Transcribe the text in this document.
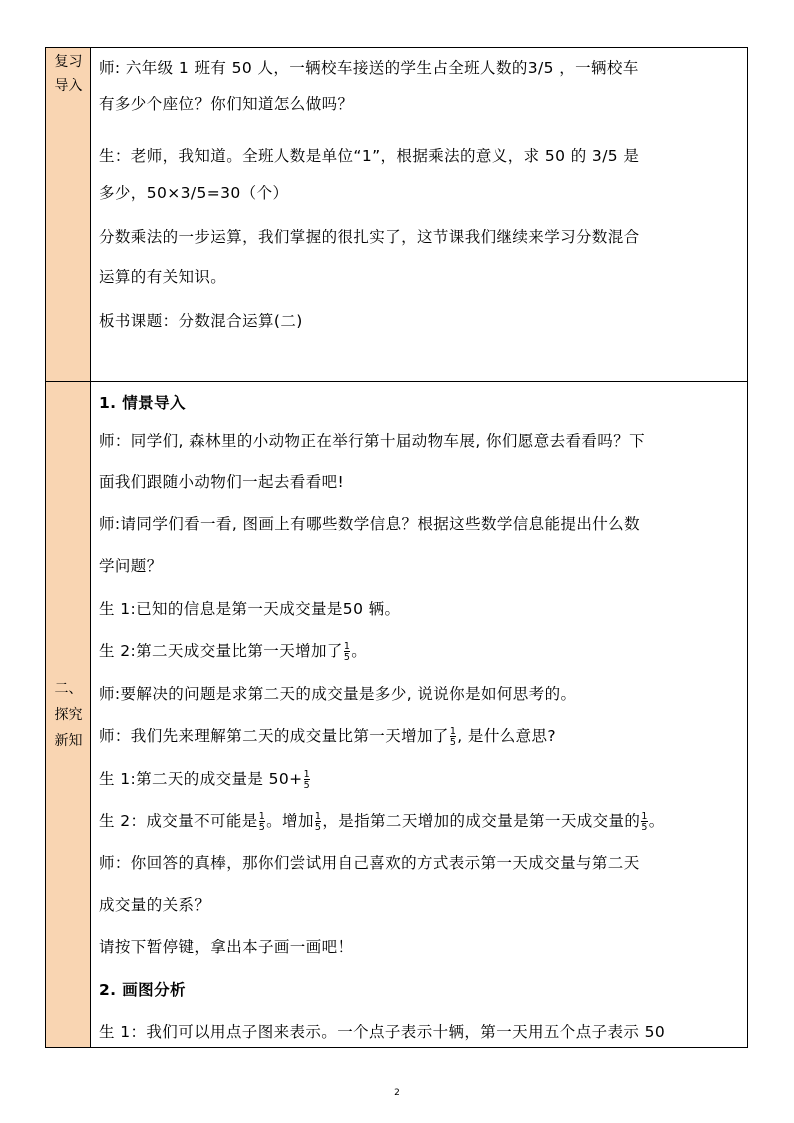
复习
导入
师: 六年级 1 班有 50 人，一辆校车接送的学生占全班人数的3/5 ，一辆校车
有多少个座位？你们知道怎么做吗？
生：老师，我知道。全班人数是单位“1”，根据乘法的意义，求 50 的 3/5 是
多少，50×3/5=30（个）
分数乘法的一步运算，我们掌握的很扎实了，这节课我们继续来学习分数混合
运算的有关知识。
板书课题：分数混合运算(二)
二、
探究
新知
1. 情景导入
师：同学们, 森林里的小动物正在举行第十届动物车展, 你们愿意去看看吗？下
面我们跟随小动物们一起去看看吧!
师:请同学们看一看, 图画上有哪些数学信息？根据这些数学信息能提出什么数
学问题？
生 1:已知的信息是第一天成交量是50 辆。
生 2:第二天成交量比第一天增加了 $\frac{1}{5}$ 。
师:要解决的问题是求第二天的成交量是多少, 说说你是如何思考的。
师：我们先来理解第二天的成交量比第一天增加了 $\frac{1}{5}$ , 是什么意思?
生 1:第二天的成交量是 $50+ \frac{1}{5}$
生 2：成交量不可能是 $\frac{1}{5}$ 。增加 $\frac{1}{5}$ ，是指第二天增加的成交量是第一天成交量的 $\frac{1}{5}$ 。
师：你回答的真棒，那你们尝试用自己喜欢的方式表示第一天成交量与第二天
成交量的关系？
请按下暂停键，拿出本子画一画吧！
2. 画图分析
生 1：我们可以用点子图来表示。一个点子表示十辆，第一天用五个点子表示 50
2
